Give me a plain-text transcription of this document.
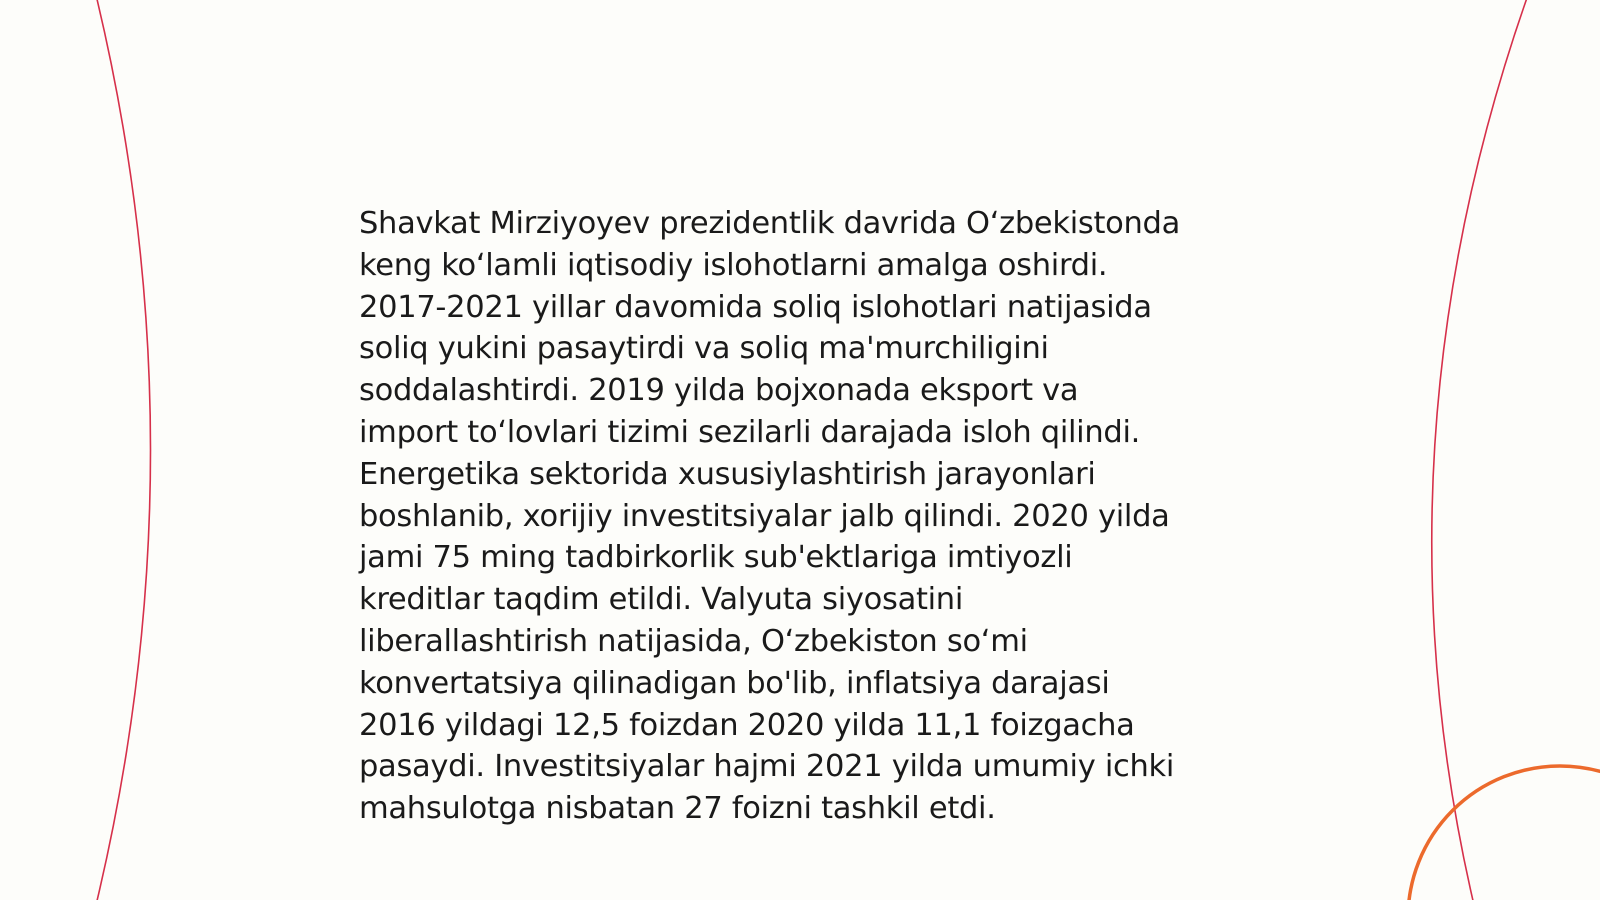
Shavkat Mirziyoyev prezidentlik davrida O‘zbekistonda
keng ko‘lamli iqtisodiy islohotlarni amalga oshirdi.
2017-2021 yillar davomida soliq islohotlari natijasida
soliq yukini pasaytirdi va soliq ma'murchiligini
soddalashtirdi. 2019 yilda bojxonada eksport va
import to‘lovlari tizimi sezilarli darajada isloh qilindi.
Energetika sektorida xususiylashtirish jarayonlari
boshlanib, xorijiy investitsiyalar jalb qilindi. 2020 yilda
jami 75 ming tadbirkorlik sub'ektlariga imtiyozli
kreditlar taqdim etildi. Valyuta siyosatini
liberallashtirish natijasida, O‘zbekiston so‘mi
konvertatsiya qilinadigan bo'lib, inflatsiya darajasi
2016 yildagi 12,5 foizdan 2020 yilda 11,1 foizgacha
pasaydi. Investitsiyalar hajmi 2021 yilda umumiy ichki
mahsulotga nisbatan 27 foizni tashkil etdi.
